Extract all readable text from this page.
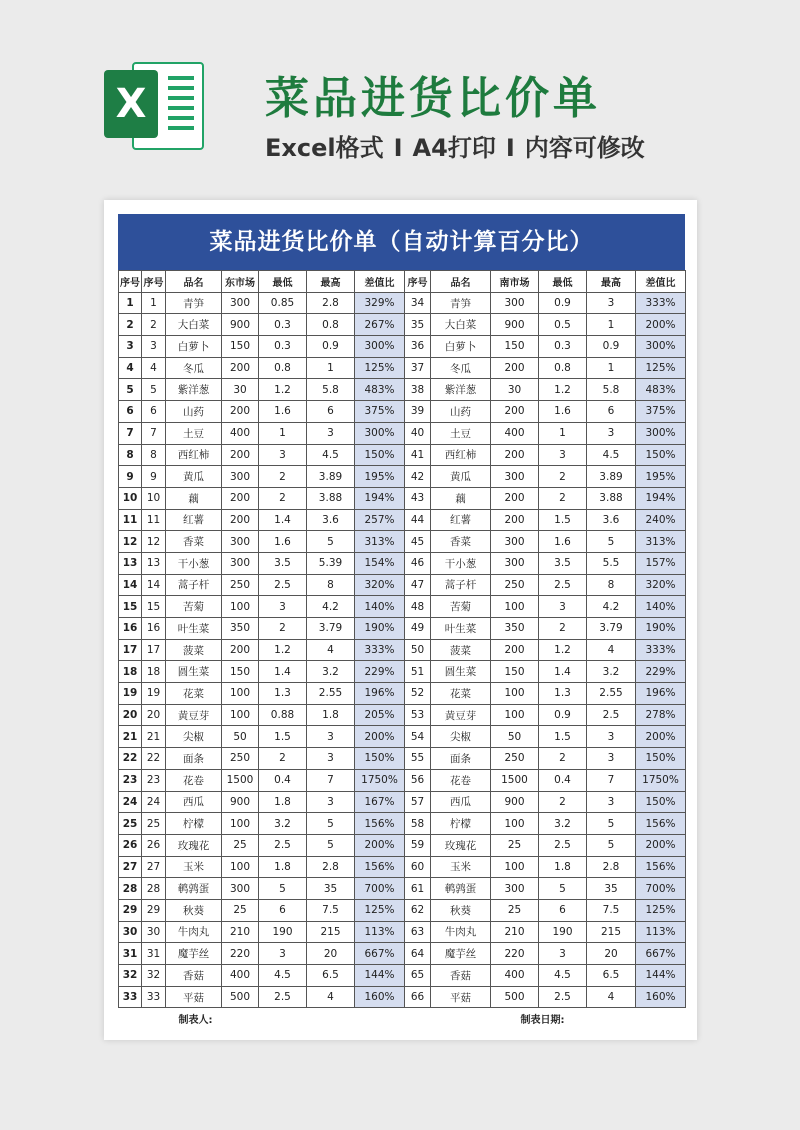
X	菜品进货比价单
Excel格式 I A4打印 I 内容可修改
菜品进货比价单（自动计算百分比）
序号	序号	品名	东市场	最低	最高	差值比	序号	品名	南市场	最低	最高	差值比
1	1	青笋	300	0.85	2.8	329%	34	青笋	300	0.9	3	333%
2	2	大白菜	900	0.3	0.8	267%	35	大白菜	900	0.5	1	200%
3	3	白萝卜	150	0.3	0.9	300%	36	白萝卜	150	0.3	0.9	300%
4	4	冬瓜	200	0.8	1	125%	37	冬瓜	200	0.8	1	125%
5	5	紫洋葱	30	1.2	5.8	483%	38	紫洋葱	30	1.2	5.8	483%
6	6	山药	200	1.6	6	375%	39	山药	200	1.6	6	375%
7	7	土豆	400	1	3	300%	40	土豆	400	1	3	300%
8	8	西红柿	200	3	4.5	150%	41	西红柿	200	3	4.5	150%
9	9	黄瓜	300	2	3.89	195%	42	黄瓜	300	2	3.89	195%
10	10	藕	200	2	3.88	194%	43	藕	200	2	3.88	194%
11	11	红薯	200	1.4	3.6	257%	44	红薯	200	1.5	3.6	240%
12	12	香菜	300	1.6	5	313%	45	香菜	300	1.6	5	313%
13	13	干小葱	300	3.5	5.39	154%	46	干小葱	300	3.5	5.5	157%
14	14	蒿子杆	250	2.5	8	320%	47	蒿子杆	250	2.5	8	320%
15	15	苦菊	100	3	4.2	140%	48	苦菊	100	3	4.2	140%
16	16	叶生菜	350	2	3.79	190%	49	叶生菜	350	2	3.79	190%
17	17	菠菜	200	1.2	4	333%	50	菠菜	200	1.2	4	333%
18	18	圆生菜	150	1.4	3.2	229%	51	圆生菜	150	1.4	3.2	229%
19	19	花菜	100	1.3	2.55	196%	52	花菜	100	1.3	2.55	196%
20	20	黄豆芽	100	0.88	1.8	205%	53	黄豆芽	100	0.9	2.5	278%
21	21	尖椒	50	1.5	3	200%	54	尖椒	50	1.5	3	200%
22	22	面条	250	2	3	150%	55	面条	250	2	3	150%
23	23	花卷	1500	0.4	7	1750%	56	花卷	1500	0.4	7	1750%
24	24	西瓜	900	1.8	3	167%	57	西瓜	900	2	3	150%
25	25	柠檬	100	3.2	5	156%	58	柠檬	100	3.2	5	156%
26	26	玫瑰花	25	2.5	5	200%	59	玫瑰花	25	2.5	5	200%
27	27	玉米	100	1.8	2.8	156%	60	玉米	100	1.8	2.8	156%
28	28	鹌鹑蛋	300	5	35	700%	61	鹌鹑蛋	300	5	35	700%
29	29	秋葵	25	6	7.5	125%	62	秋葵	25	6	7.5	125%
30	30	牛肉丸	210	190	215	113%	63	牛肉丸	210	190	215	113%
31	31	魔芋丝	220	3	20	667%	64	魔芋丝	220	3	20	667%
32	32	香菇	400	4.5	6.5	144%	65	香菇	400	4.5	6.5	144%
33	33	平菇	500	2.5	4	160%	66	平菇	500	2.5	4	160%
制表人:									制表日期:			
